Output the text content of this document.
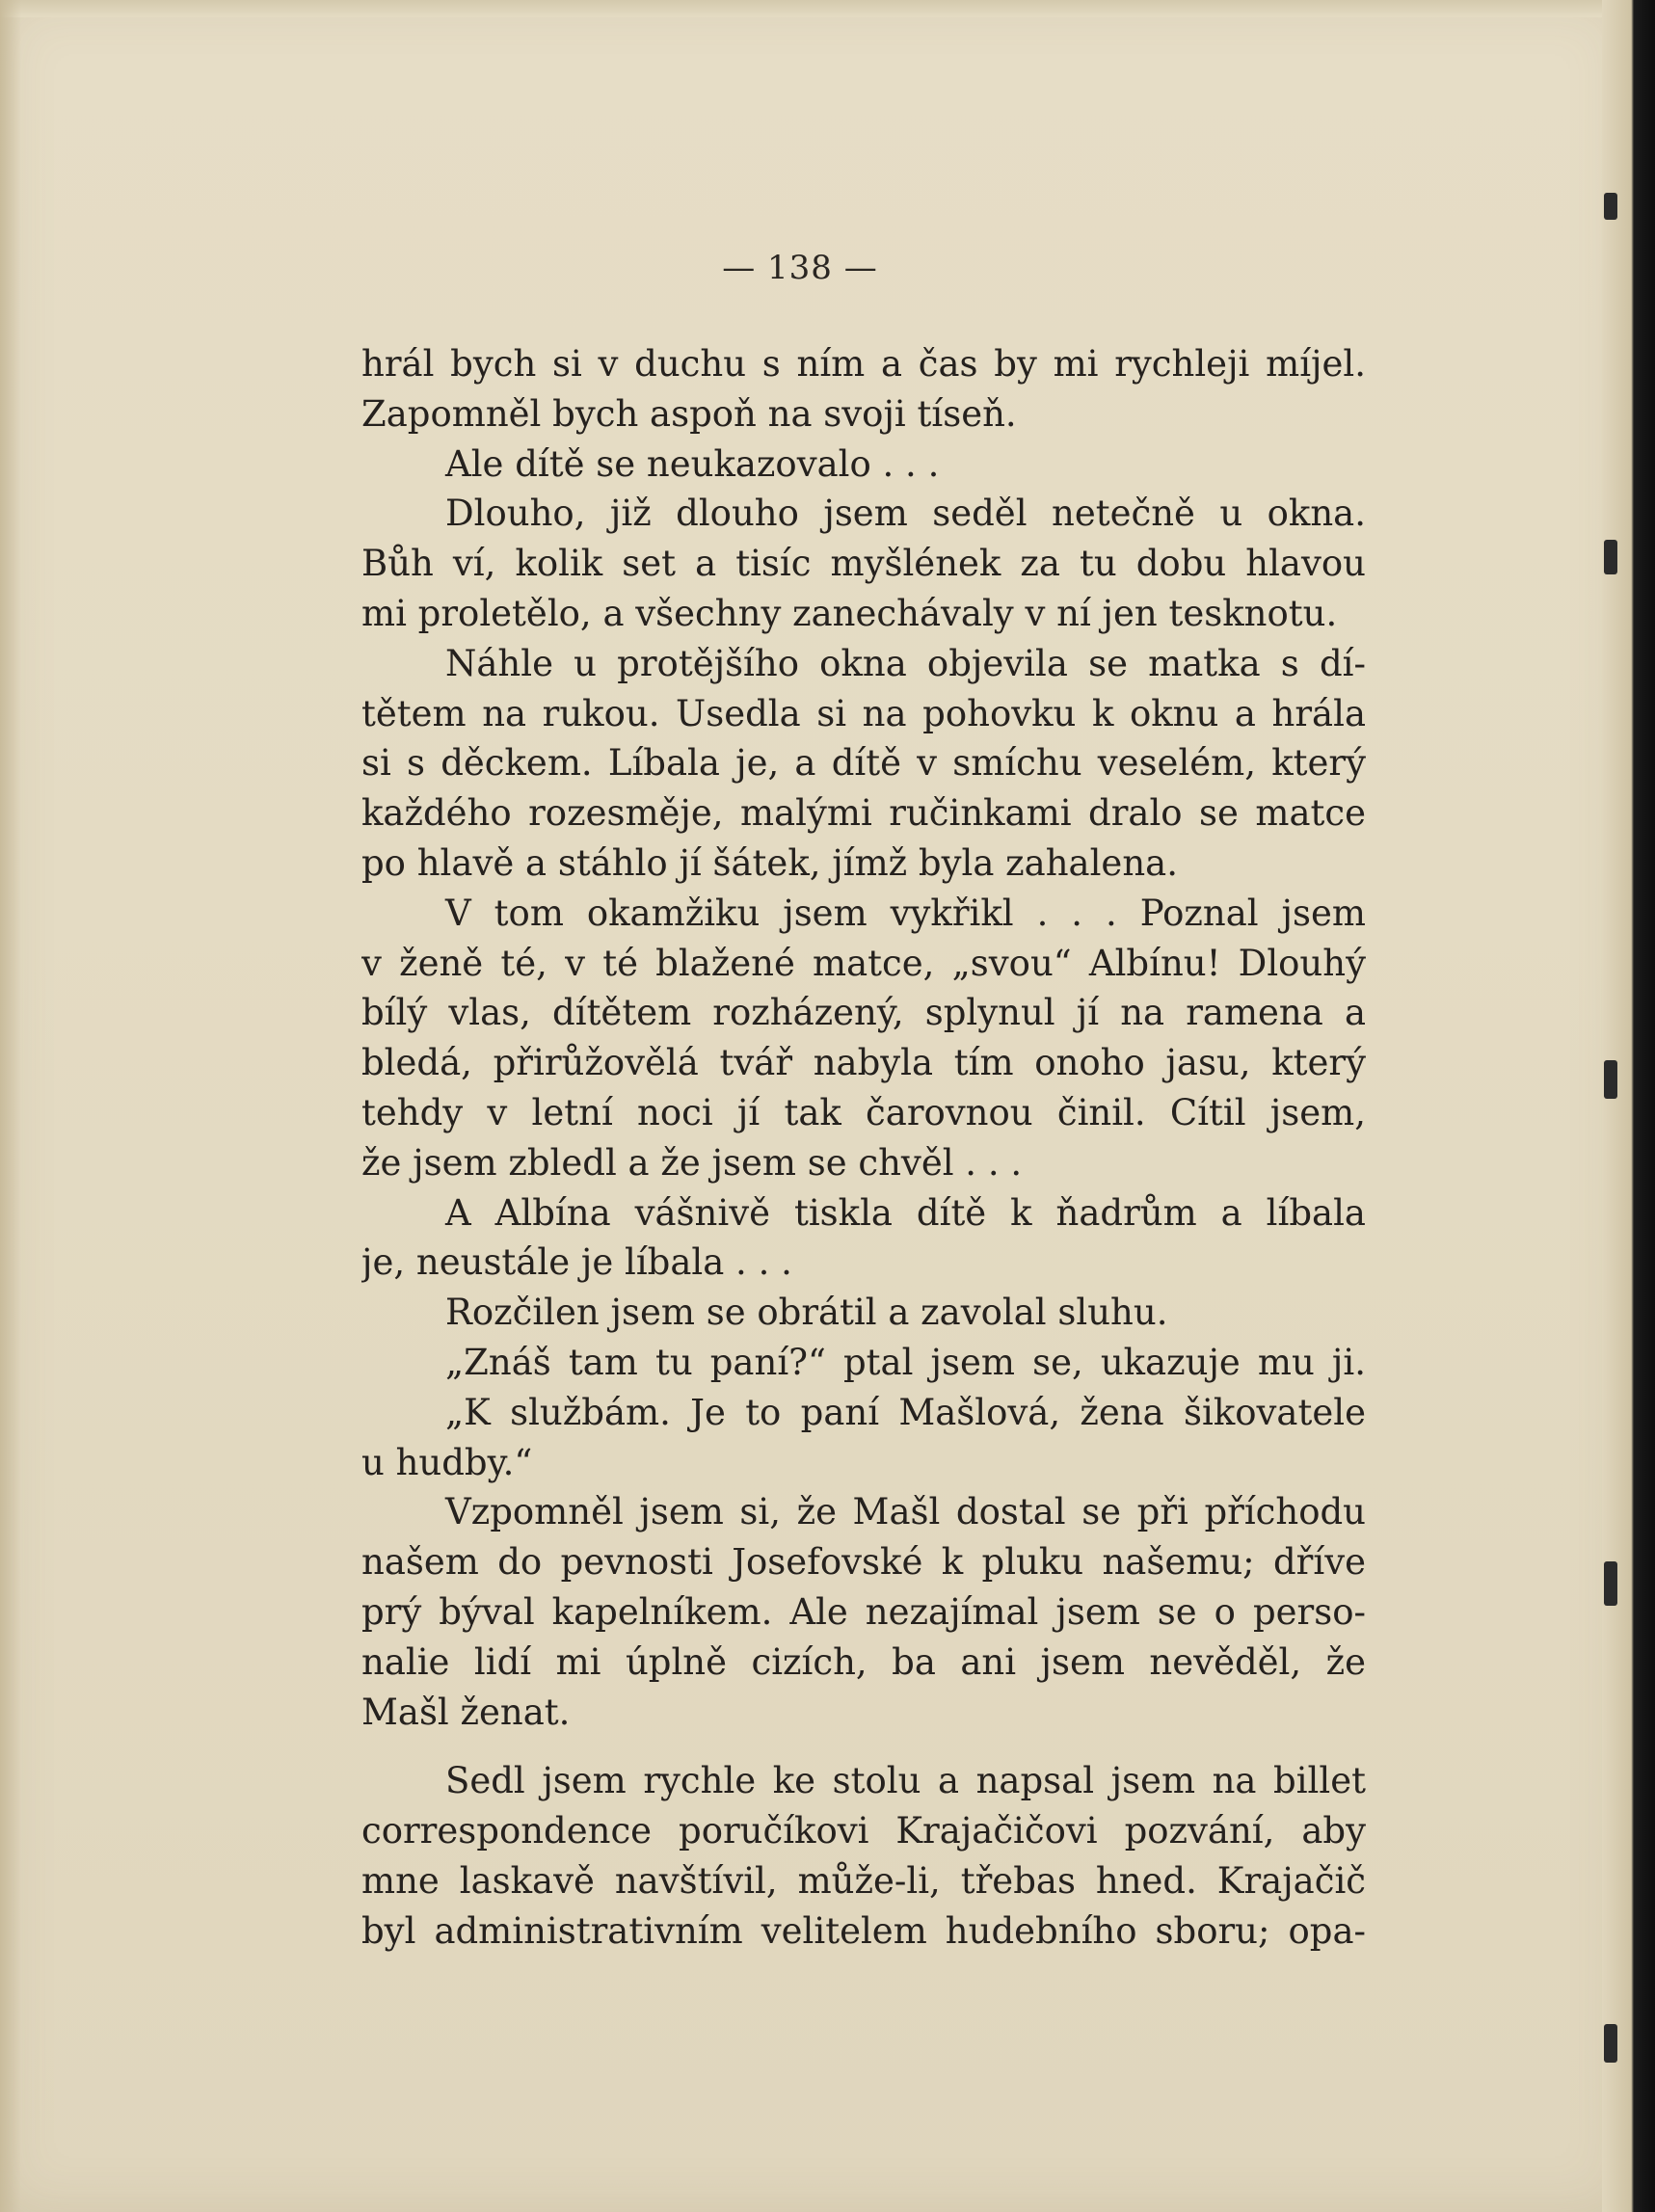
— 138 —
hrál bych si v duchu s ním a čas by mi rychleji míjel.
Zapomněl bych aspoň na svoji tíseň.
Ale dítě se neukazovalo . . .
Dlouho, již dlouho jsem seděl netečně u okna.
Bůh ví, kolik set a tisíc myšlének za tu dobu hlavou
mi proletělo, a všechny zanechávaly v ní jen tesknotu.
Náhle u protějšího okna objevila se matka s dí-
tětem na rukou. Usedla si na pohovku k oknu a hrála
si s děckem. Líbala je, a dítě v smíchu veselém, který
každého rozesměje, malými ručinkami dralo se matce
po hlavě a stáhlo jí šátek, jímž byla zahalena.
V tom okamžiku jsem vykřikl . . . Poznal jsem
v ženě té, v té blažené matce, „svou“ Albínu! Dlouhý
bílý vlas, dítětem rozházený, splynul jí na ramena a
bledá, přirůžovělá tvář nabyla tím onoho jasu, který
tehdy v letní noci jí tak čarovnou činil. Cítil jsem,
že jsem zbledl a že jsem se chvěl . . .
A Albína vášnivě tiskla dítě k ňadrům a líbala
je, neustále je líbala . . .
Rozčilen jsem se obrátil a zavolal sluhu.
„Znáš tam tu paní?“ ptal jsem se, ukazuje mu ji.
„K službám. Je to paní Mašlová, žena šikovatele
u hudby.“
Vzpomněl jsem si, že Mašl dostal se při příchodu
našem do pevnosti Josefovské k pluku našemu; dříve
prý býval kapelníkem. Ale nezajímal jsem se o perso-
nalie lidí mi úplně cizích, ba ani jsem nevěděl, že
Mašl ženat.
Sedl jsem rychle ke stolu a napsal jsem na billet
correspondence poručíkovi Krajačičovi pozvání, aby
mne laskavě navštívil, může-li, třebas hned. Krajačič
byl administrativním velitelem hudebního sboru; opa-
